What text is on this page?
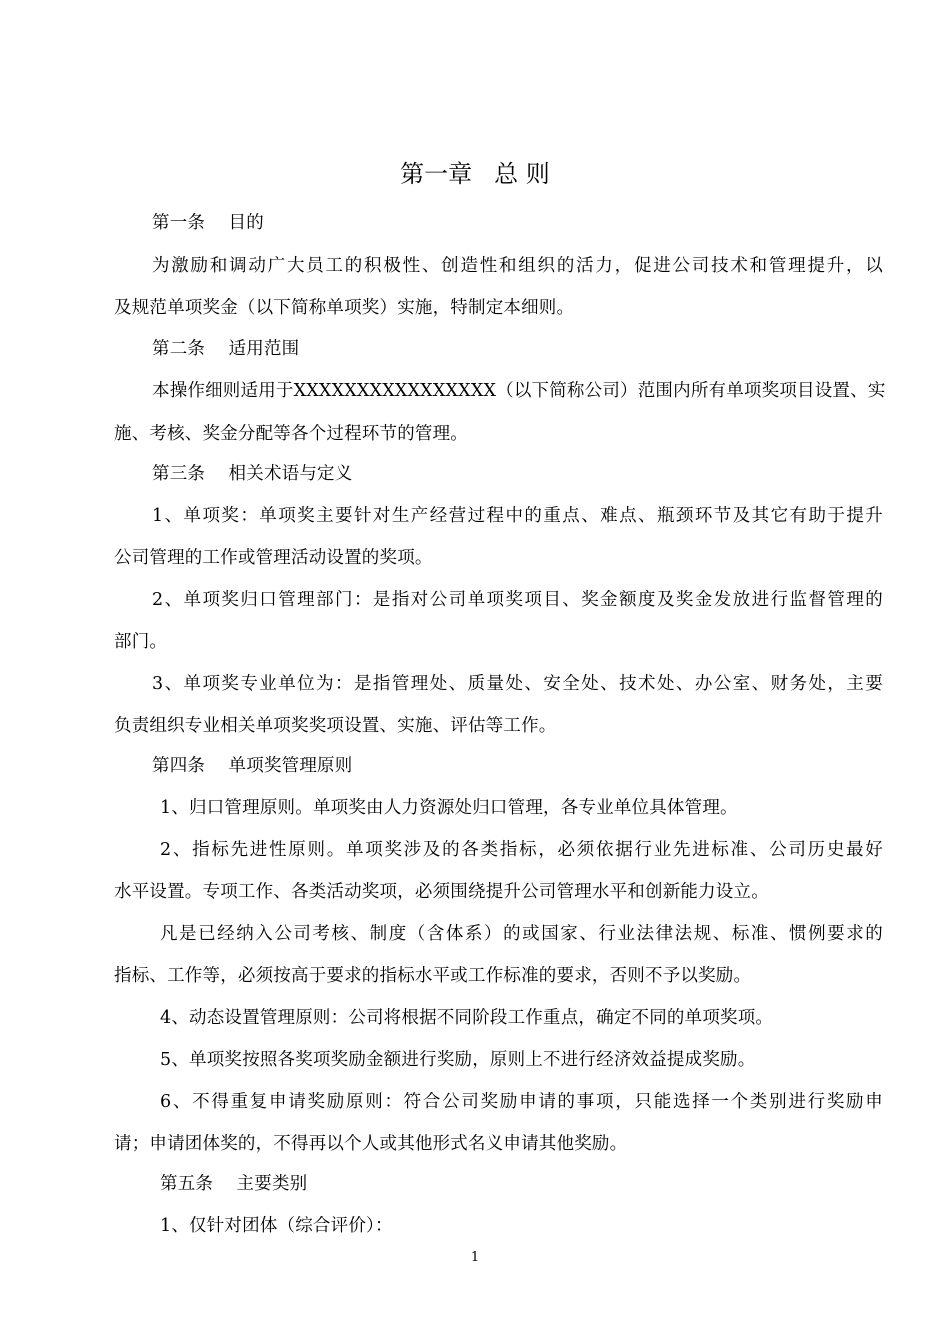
第一章 总 则
第一条　 目的
为激励和调动广大员工的积极性、创造性和组织的活力，促进公司技术和管理提升，以
及规范单项奖金（以下简称单项奖）实施，特制定本细则。
第二条　 适用范围
本操作细则适用于XXXXXXXXXXXXXXXX（以下简称公司）范围内所有单项奖项目设置、实
施、考核、奖金分配等各个过程环节的管理。
第三条　 相关术语与定义
1、单项奖：单项奖主要针对生产经营过程中的重点、难点、瓶颈环节及其它有助于提升
公司管理的工作或管理活动设置的奖项。
2、单项奖归口管理部门：是指对公司单项奖项目、奖金额度及奖金发放进行监督管理的
部门。
3、单项奖专业单位为：是指管理处、质量处、安全处、技术处、办公室、财务处，主要
负责组织专业相关单项奖奖项设置、实施、评估等工作。
第四条　 单项奖管理原则
1、归口管理原则。单项奖由人力资源处归口管理，各专业单位具体管理。
2、指标先进性原则。单项奖涉及的各类指标，必须依据行业先进标准、公司历史最好
水平设置。专项工作、各类活动奖项，必须围绕提升公司管理水平和创新能力设立。
凡是已经纳入公司考核、制度（含体系）的或国家、行业法律法规、标准、惯例要求的
指标、工作等，必须按高于要求的指标水平或工作标准的要求，否则不予以奖励。
4、动态设置管理原则：公司将根据不同阶段工作重点，确定不同的单项奖项。
5、单项奖按照各奖项奖励金额进行奖励，原则上不进行经济效益提成奖励。
6、不得重复申请奖励原则：符合公司奖励申请的事项，只能选择一个类别进行奖励申
请；申请团体奖的，不得再以个人或其他形式名义申请其他奖励。
第五条　 主要类别
1、仅针对团体（综合评价）：
1
